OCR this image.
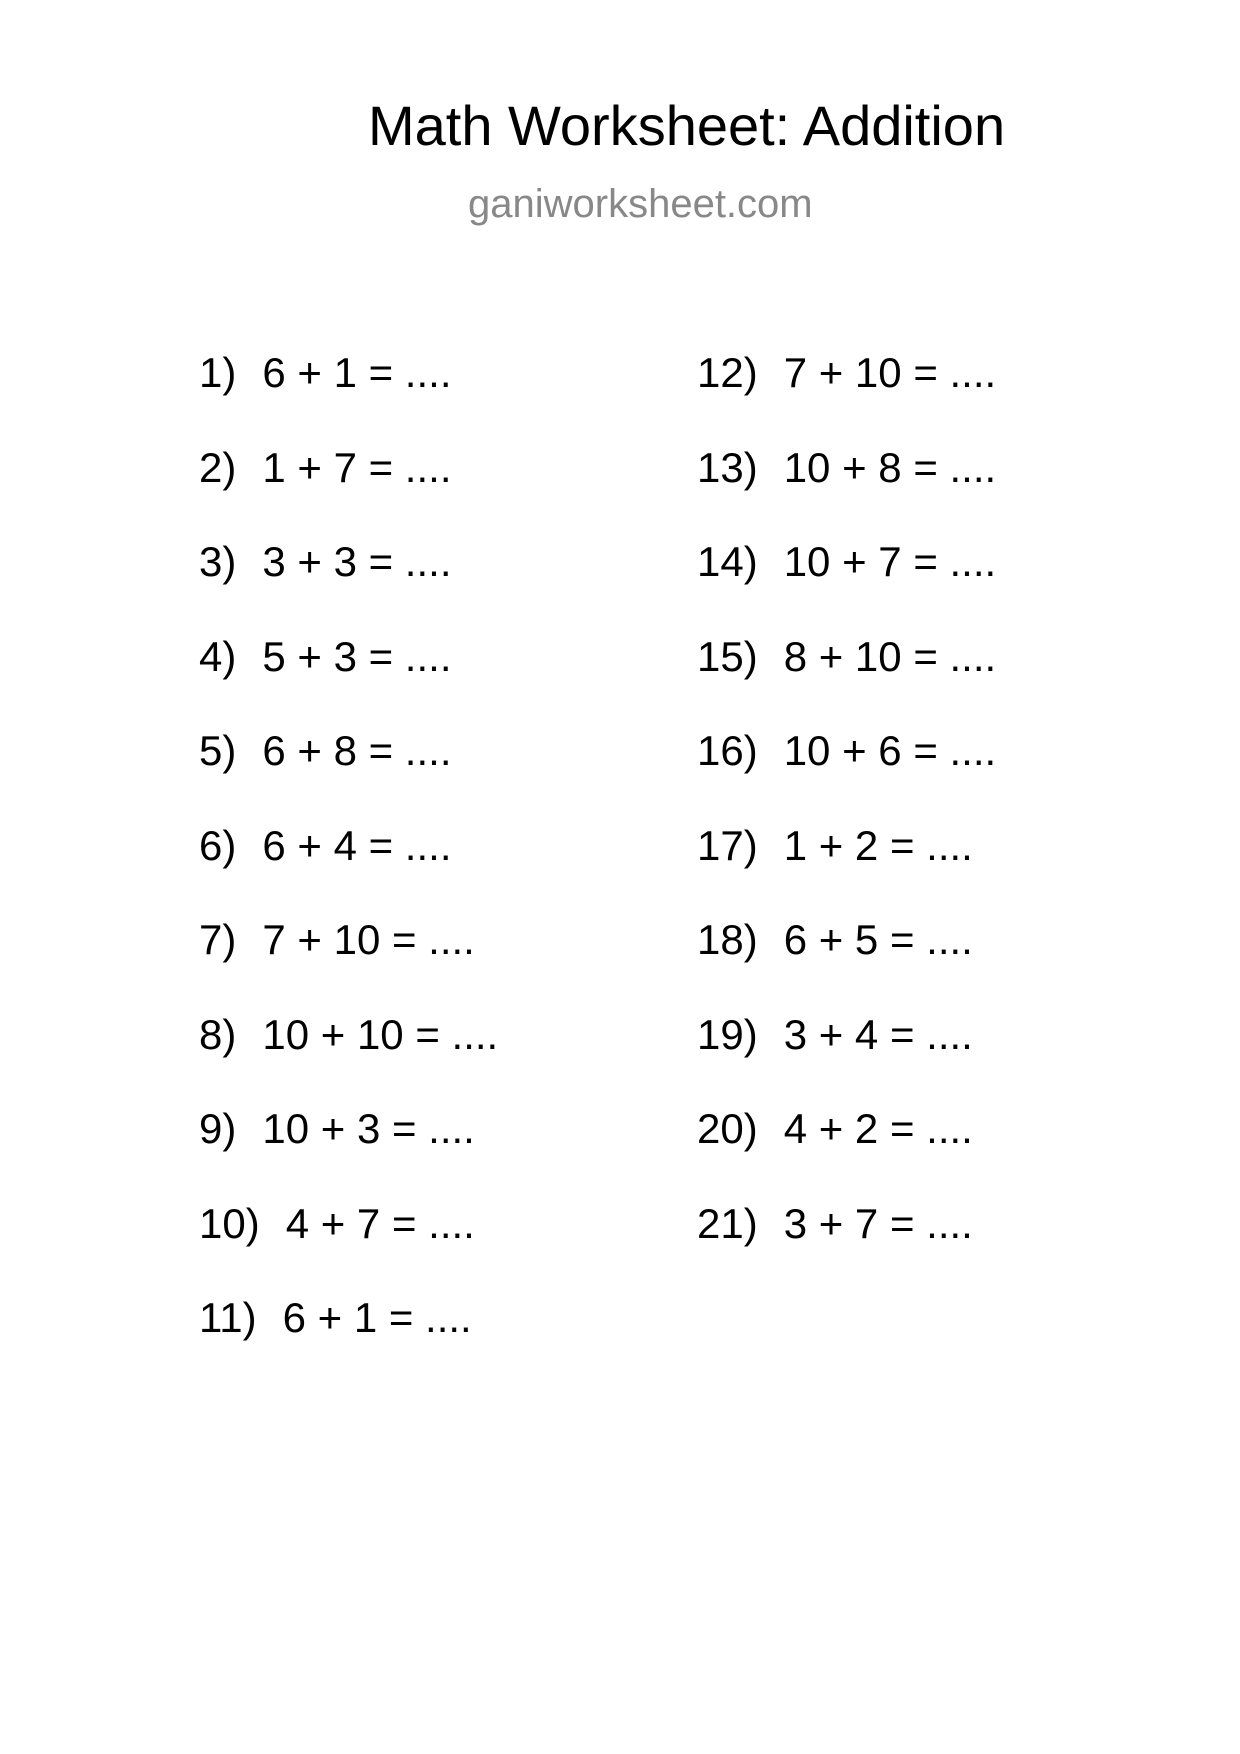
Math Worksheet: Addition
ganiworksheet.com
1) 6 + 1 = ....
2) 1 + 7 = ....
3) 3 + 3 = ....
4) 5 + 3 = ....
5) 6 + 8 = ....
6) 6 + 4 = ....
7) 7 + 10 = ....
8) 10 + 10 = ....
9) 10 + 3 = ....
10) 4 + 7 = ....
11) 6 + 1 = ....
12) 7 + 10 = ....
13) 10 + 8 = ....
14) 10 + 7 = ....
15) 8 + 10 = ....
16) 10 + 6 = ....
17) 1 + 2 = ....
18) 6 + 5 = ....
19) 3 + 4 = ....
20) 4 + 2 = ....
21) 3 + 7 = ....
